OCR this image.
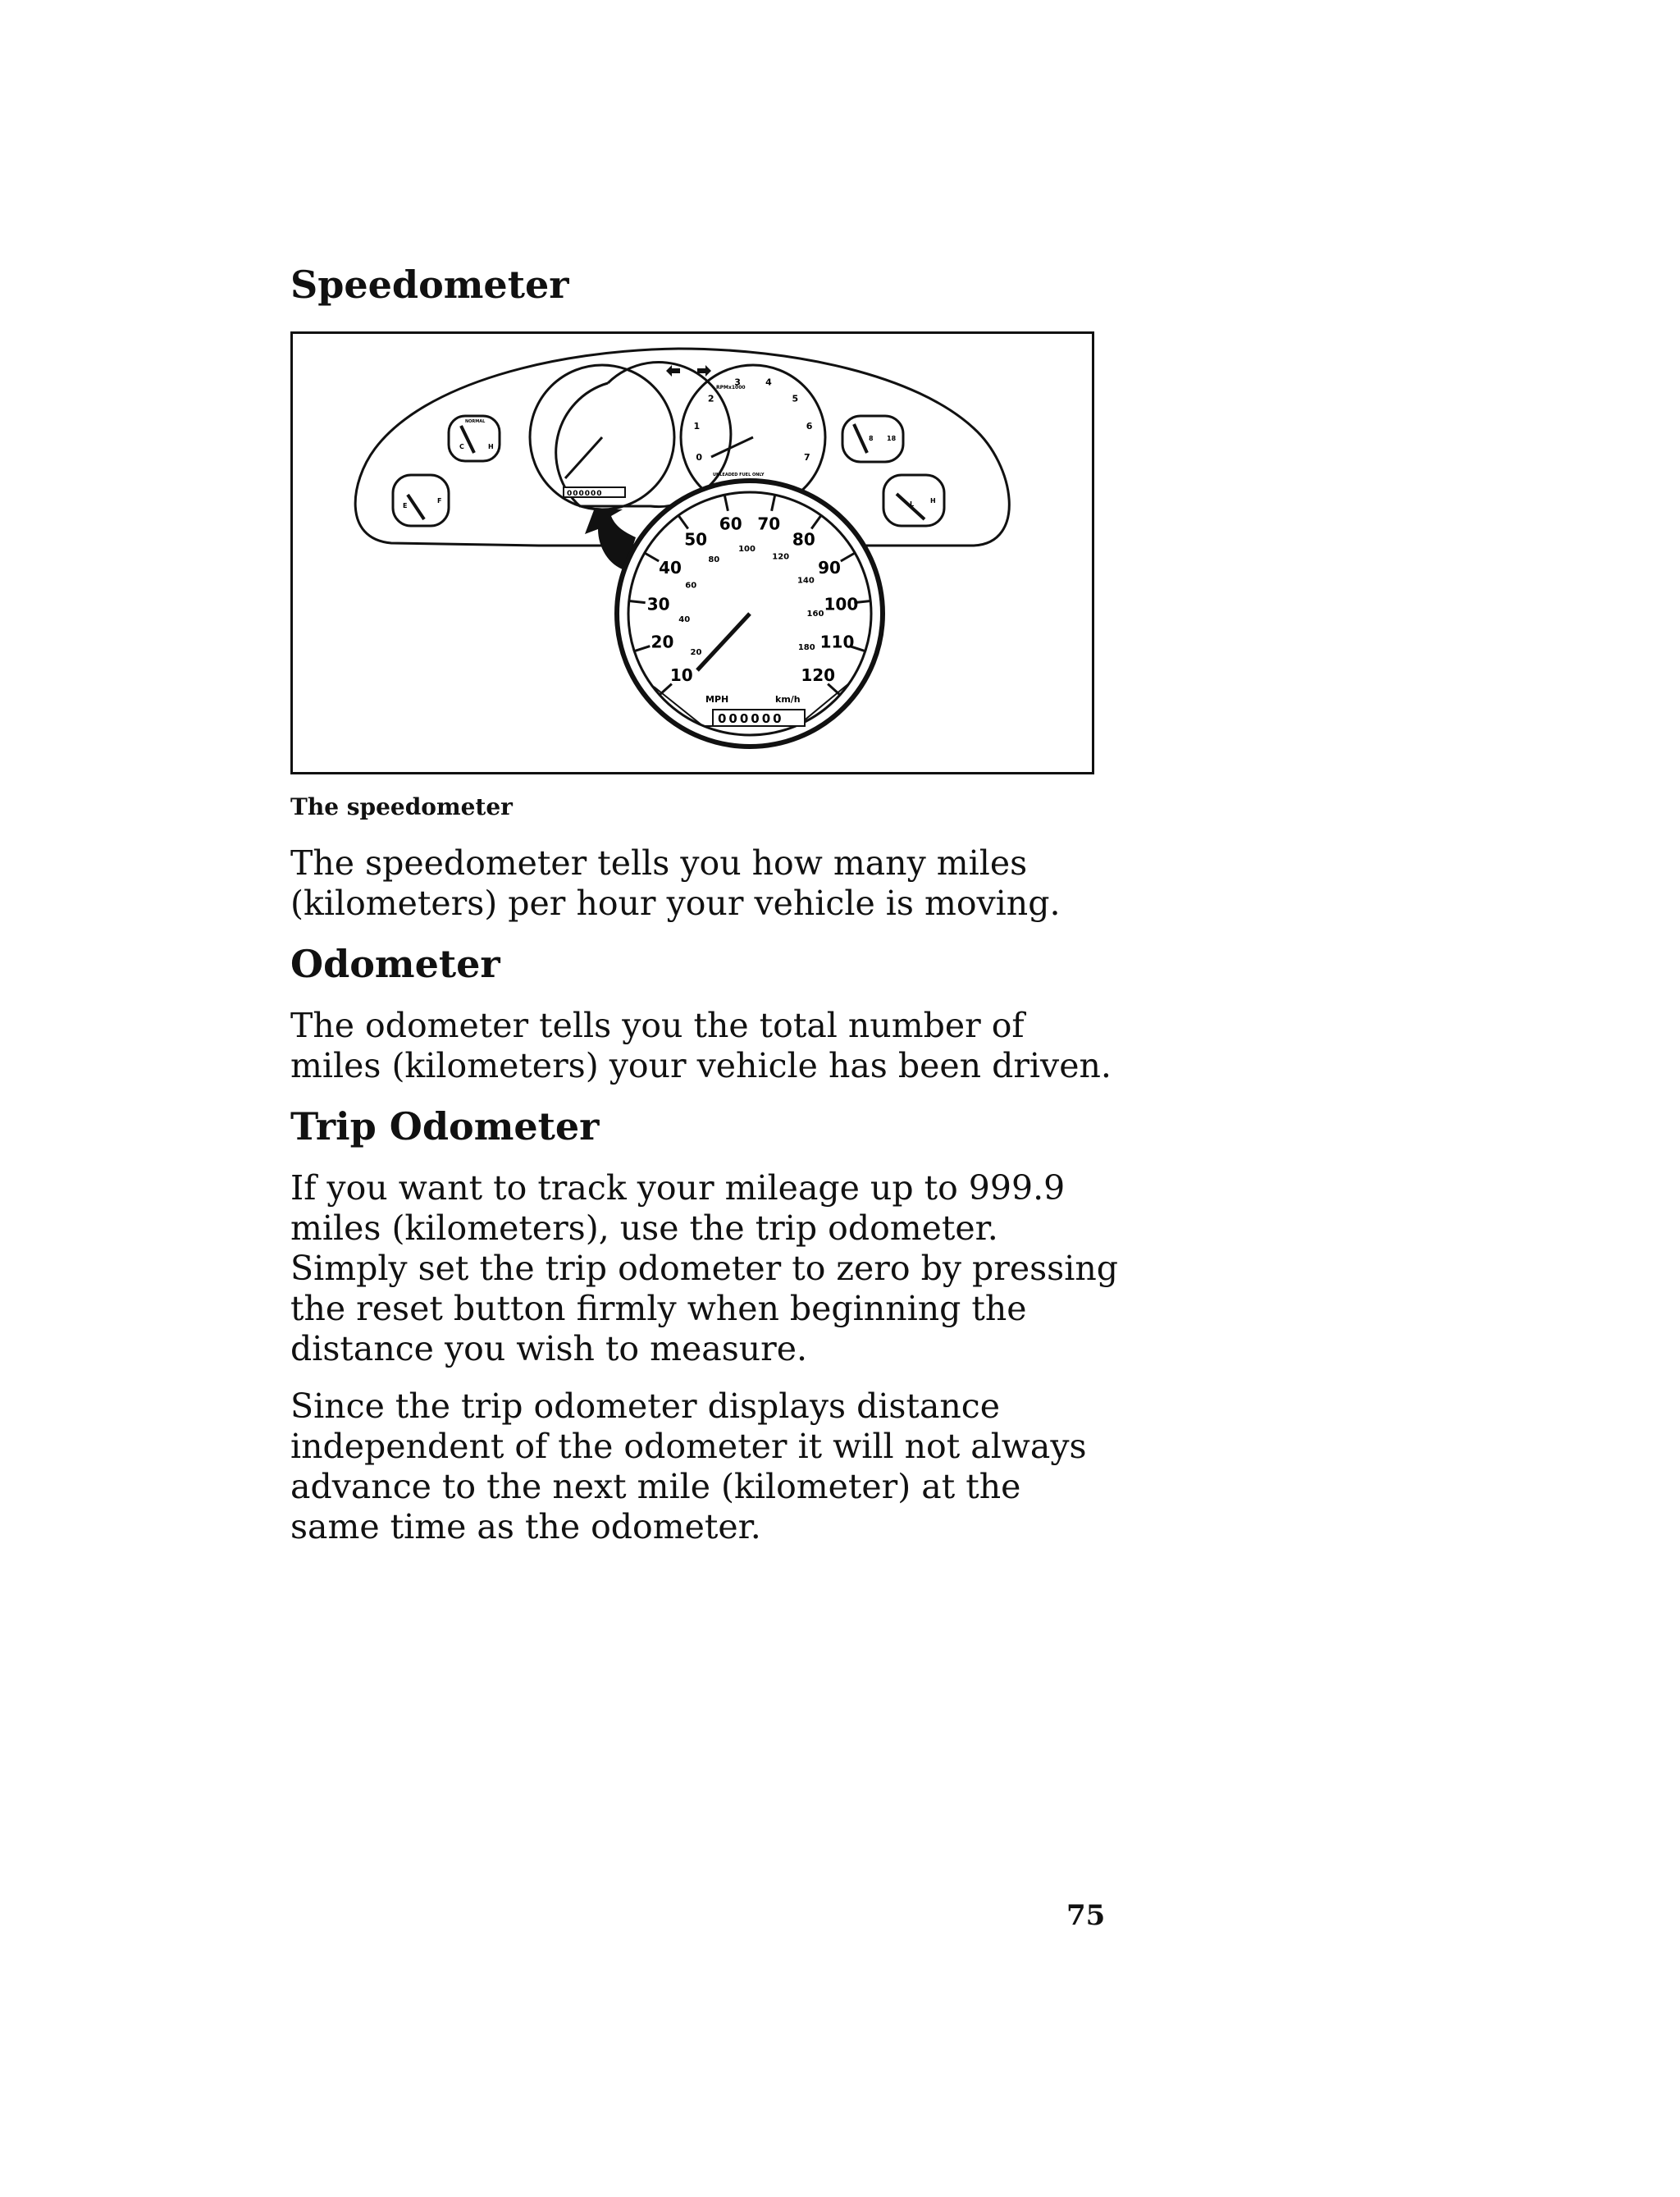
Speedometer
C	H
NORMAL
E
F
8 18
L H
000000
RPMx1000
UNLEADED FUEL ONLY
0
1
2
3	4
5
6
7
10
20
30
40
50
60 70
80
90
100
110
120
20
40
60
80
100
120
140
160
180
MPH	km/h
000000
The speedometer
The speedometer tells you how many miles (kilometers) per hour your vehicle is moving.
Odometer
The odometer tells you the total number of miles (kilometers) your vehicle has been driven.
Trip Odometer
If you want to track your mileage up to 999.9 miles (kilometers), use the trip odometer. Simply set the trip odometer to zero by pressing the reset button firmly when beginning the distance you wish to measure.
Since the trip odometer displays distance independent of the odometer it will not always advance to the next mile (kilometer) at the same time as the odometer.
75
